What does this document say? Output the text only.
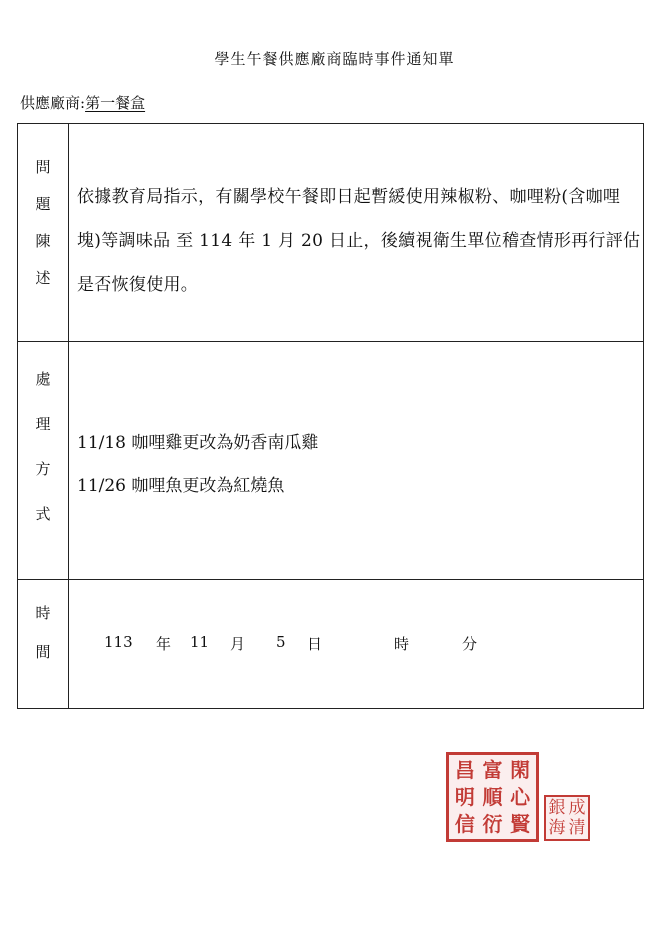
學生午餐供應廠商臨時事件通知單
供應廠商:第一餐盒
問題陳述 依據教育局指示，有關學校午餐即日起暫緩使用辣椒粉、咖哩粉(含咖哩塊)等調味品 至 114 年 1 月 20 日止，後續視衛生單位稽查情形再行評估 是否恢復使用。

處理方式 11/18 咖哩雞更改為奶香南瓜雞
11/26 咖哩魚更改為紅燒魚
時間	113 年 11 月 5 日	時	分
閑
心
賢
富
順
衍
昌
明
信
銀 成
海 清
